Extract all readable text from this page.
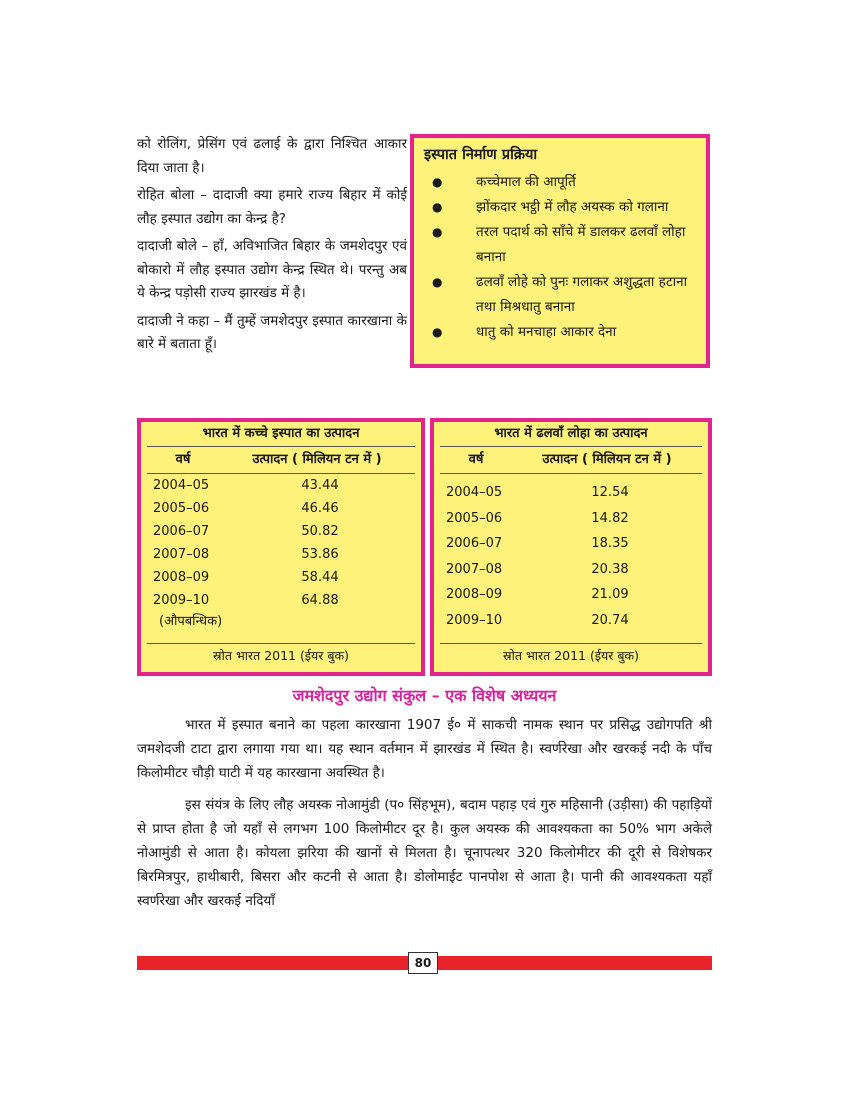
को रोलिंग, प्रेसिंग एवं ढलाई के द्वारा निश्चित आकार दिया जाता है।

रोहित बोला – दादाजी क्या हमारे राज्य बिहार में कोई लौह इस्पात उद्योग का केन्द्र है?

दादाजी बोले – हाँ, अविभाजित बिहार के जमशेदपुर एवं बोकारो में लौह इस्पात उद्योग केन्द्र स्थित थे। परन्तु अब ये केन्द्र पड़ोसी राज्य झारखंड में है।

दादाजी ने कहा – मैं तुम्हें जमशेदपुर इस्पात कारखाना के बारे में बताता हूँ।

इस्पात निर्माण प्रक्रिया
● कच्चेमाल की आपूर्ति
● झोंकदार भट्ठी में लौह अयस्क को गलाना
● तरल पदार्थ को साँचे में डालकर ढलवाँ लोहा बनाना
● ढलवाँ लोहे को पुनः गलाकर अशुद्धता हटाना तथा मिश्रधातु बनाना
● धातु को मनचाहा आकार देना
भारत में कच्चे इस्पात का उत्पादन
वर्ष	उत्पादन ( मिलियन टन में )
2004–05	43.44
2005–06	46.46
2006–07	50.82
2007–08	53.86
2008–09	58.44
2009–10	64.88
(औपबन्धिक)
स्रोत भारत 2011 (ईयर बुक)
भारत में ढलवाँ लोहा का उत्पादन
वर्ष	उत्पादन ( मिलियन टन में )
2004–05	12.54
2005–06	14.82
2006–07	18.35
2007–08	20.38
2008–09	21.09
2009–10	20.74
स्रोत भारत 2011 (ईयर बुक)
जमशेदपुर उद्योग संकुल – एक विशेष अध्ययन

भारत में इस्पात बनाने का पहला कारखाना 1907 ई० में साकची नामक स्थान पर प्रसिद्ध उद्योगपति श्री जमशेदजी टाटा द्वारा लगाया गया था। यह स्थान वर्तमान में झारखंड में स्थित है। स्वर्णरेखा और खरकई नदी के पाँच किलोमीटर चौड़ी घाटी में यह कारखाना अवस्थित है।

इस संयंत्र के लिए लौह अयस्क नोआमुंडी (प० सिंहभूम), बदाम पहाड़ एवं गुरु महिसानी (उड़ीसा) की पहाड़ियों से प्राप्त होता है जो यहाँ से लगभग 100 किलोमीटर दूर है। कुल अयस्क की आवश्यकता का 50% भाग अकेले नोआमुंडी से आता है। कोयला झरिया की खानों से मिलता है। चूनापत्थर 320 किलोमीटर की दूरी से विशेषकर बिरमित्रपुर, हाथीबारी, बिसरा और कटनी से आता है। डोलोमाईट पानपोश से आता है। पानी की आवश्यकता यहाँ स्वर्णरेखा और खरकई नदियाँ

80
